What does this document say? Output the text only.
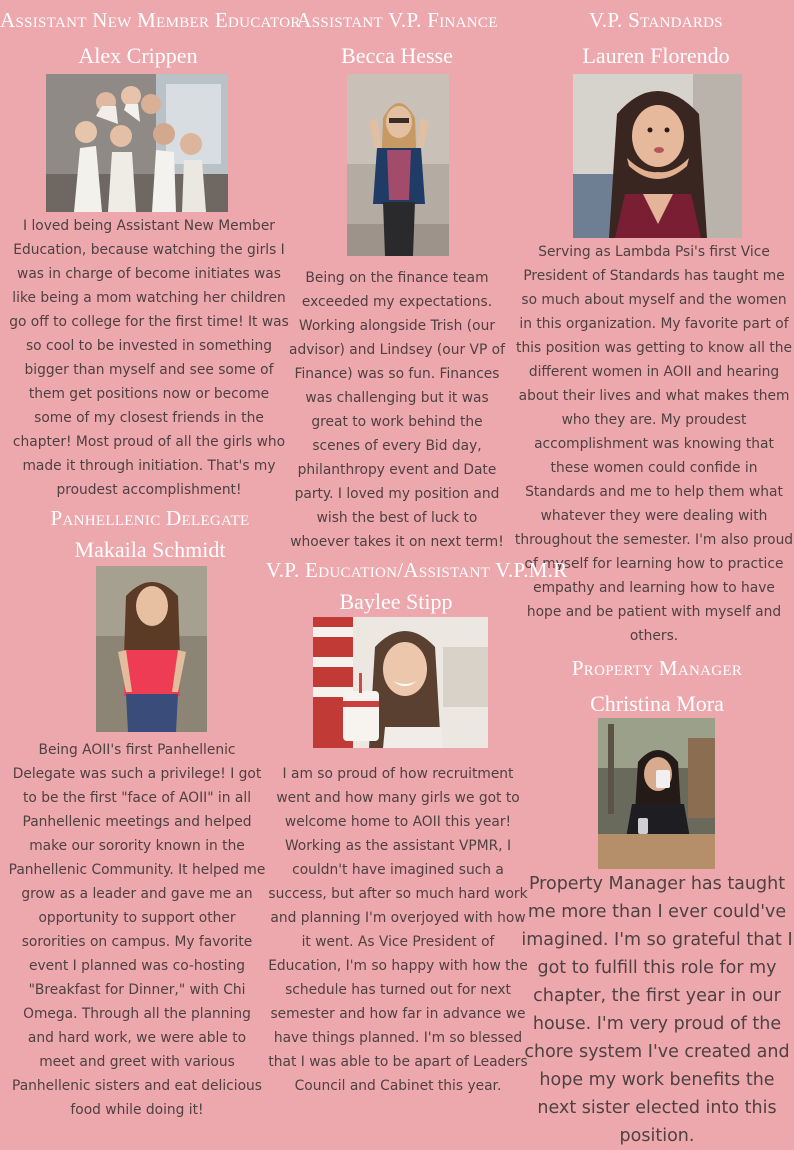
Assistant New Member Educator
Alex Crippen

I loved being Assistant New Member Education, because watching the girls I was in charge of become initiates was like being a mom watching her children go off to college for the first time! It was so cool to be invested in something bigger than myself and see some of them get positions now or become some of my closest friends in the chapter! Most proud of all the girls who made it through initiation. That's my proudest accomplishment!

Assistant V.P. Finance
Becca Hesse

Being on the finance team exceeded my expectations. Working alongside Trish (our advisor) and Lindsey (our VP of Finance) was so fun. Finances was challenging but it was great to work behind the scenes of every Bid day, philanthropy event and Date party. I loved my position and wish the best of luck to whoever takes it on next term!

V.P. Standards
Lauren Florendo

Serving as Lambda Psi's first Vice President of Standards has taught me so much about myself and the women in this organization. My favorite part of this position was getting to know all the different women in AOII and hearing about their lives and what makes them who they are. My proudest accomplishment was knowing that these women could confide in Standards and me to help them what whatever they were dealing with throughout the semester. I'm also proud of myself for learning how to practice empathy and learning how to have hope and be patient with myself and others.

Panhellenic Delegate
Makaila Schmidt

Being AOII's first Panhellenic Delegate was such a privilege! I got to be the first "face of AOII" in all Panhellenic meetings and helped make our sorority known in the Panhellenic Community. It helped me grow as a leader and gave me an opportunity to support other sororities on campus. My favorite event I planned was co-hosting "Breakfast for Dinner," with Chi Omega. Through all the planning and hard work, we were able to meet and greet with various Panhellenic sisters and eat delicious food while doing it!

V.P. Education/Assistant V.P.M.R
Baylee Stipp

I am so proud of how recruitment went and how many girls we got to welcome home to AOII this year! Working as the assistant VPMR, I couldn't have imagined such a success, but after so much hard work and planning I'm overjoyed with how it went. As Vice President of Education, I'm so happy with how the schedule has turned out for next semester and how far in advance we have things planned. I'm so blessed that I was able to be apart of Leaders Council and Cabinet this year.

Property Manager
Christina Mora

Property Manager has taught me more than I ever could've imagined. I'm so grateful that I got to fulfill this role for my chapter, the first year in our house. I'm very proud of the chore system I've created and hope my work benefits the next sister elected into this position.
